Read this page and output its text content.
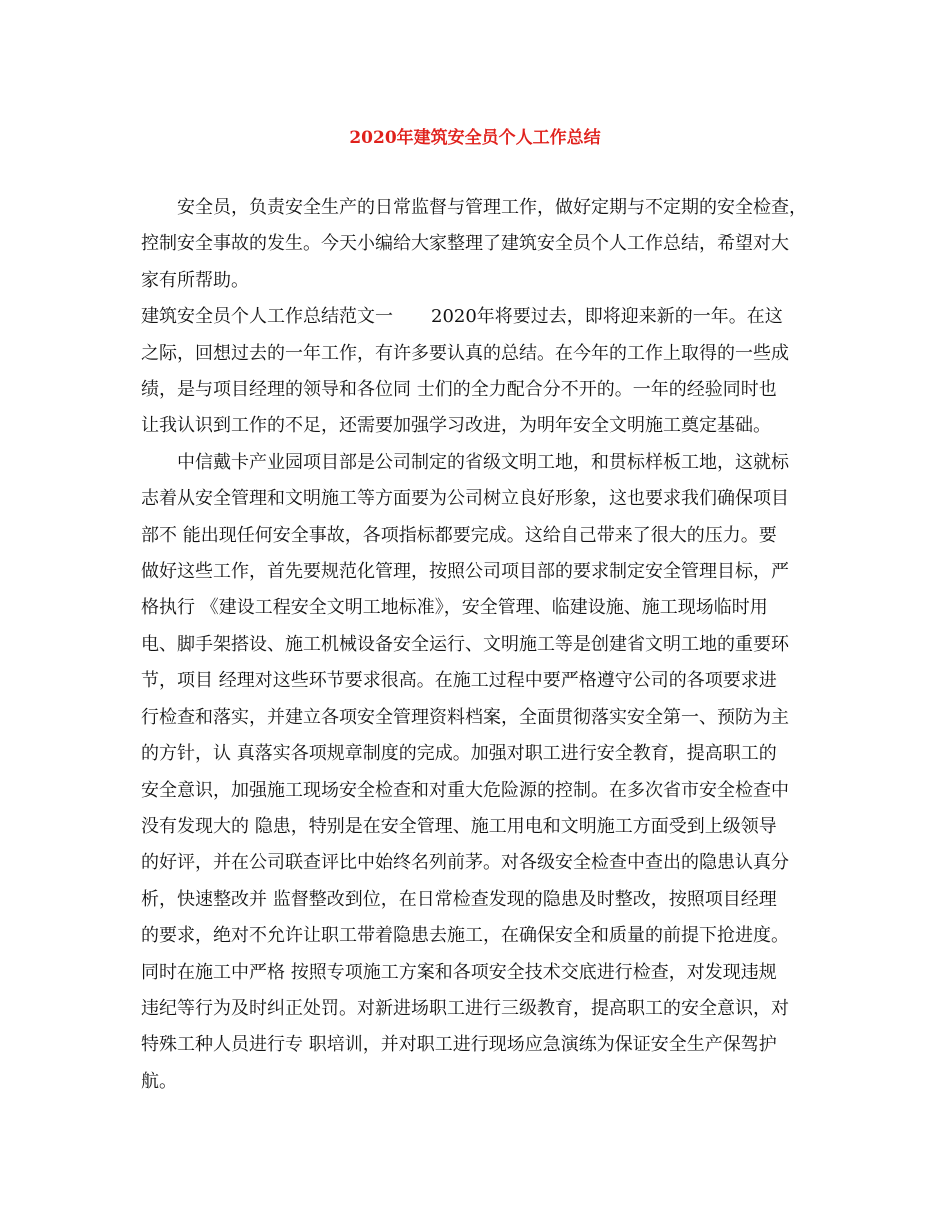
2020年建筑安全员个人工作总结
安全员，负责安全生产的日常监督与管理工作，做好定期与不定期的安全检查，
控制安全事故的发生。今天小编给大家整理了建筑安全员个人工作总结，希望对大
家有所帮助。
建筑安全员个人工作总结范文一 2020年将要过去，即将迎来新的一年。在这
之际，回想过去的一年工作，有许多要认真的总结。在今年的工作上取得的一些成
绩，是与项目经理的领导和各位同 士们的全力配合分不开的。一年的经验同时也
让我认识到工作的不足，还需要加强学习改进，为明年安全文明施工奠定基础。
中信戴卡产业园项目部是公司制定的省级文明工地，和贯标样板工地，这就标
志着从安全管理和文明施工等方面要为公司树立良好形象，这也要求我们确保项目
部不 能出现任何安全事故，各项指标都要完成。这给自己带来了很大的压力。要
做好这些工作，首先要规范化管理，按照公司项目部的要求制定安全管理目标，严
格执行 《建设工程安全文明工地标准》，安全管理、临建设施、施工现场临时用
电、脚手架搭设、施工机械设备安全运行、文明施工等是创建省文明工地的重要环
节，项目 经理对这些环节要求很高。在施工过程中要严格遵守公司的各项要求进
行检查和落实，并建立各项安全管理资料档案，全面贯彻落实安全第一、预防为主
的方针，认 真落实各项规章制度的完成。加强对职工进行安全教育，提高职工的
安全意识，加强施工现场安全检查和对重大危险源的控制。在多次省市安全检查中
没有发现大的 隐患，特别是在安全管理、施工用电和文明施工方面受到上级领导
的好评，并在公司联查评比中始终名列前茅。对各级安全检查中查出的隐患认真分
析，快速整改并 监督整改到位，在日常检查发现的隐患及时整改，按照项目经理
的要求，绝对不允许让职工带着隐患去施工，在确保安全和质量的前提下抢进度。
同时在施工中严格 按照专项施工方案和各项安全技术交底进行检查，对发现违规
违纪等行为及时纠正处罚。对新进场职工进行三级教育，提高职工的安全意识，对
特殊工种人员进行专 职培训，并对职工进行现场应急演练为保证安全生产保驾护
航。
